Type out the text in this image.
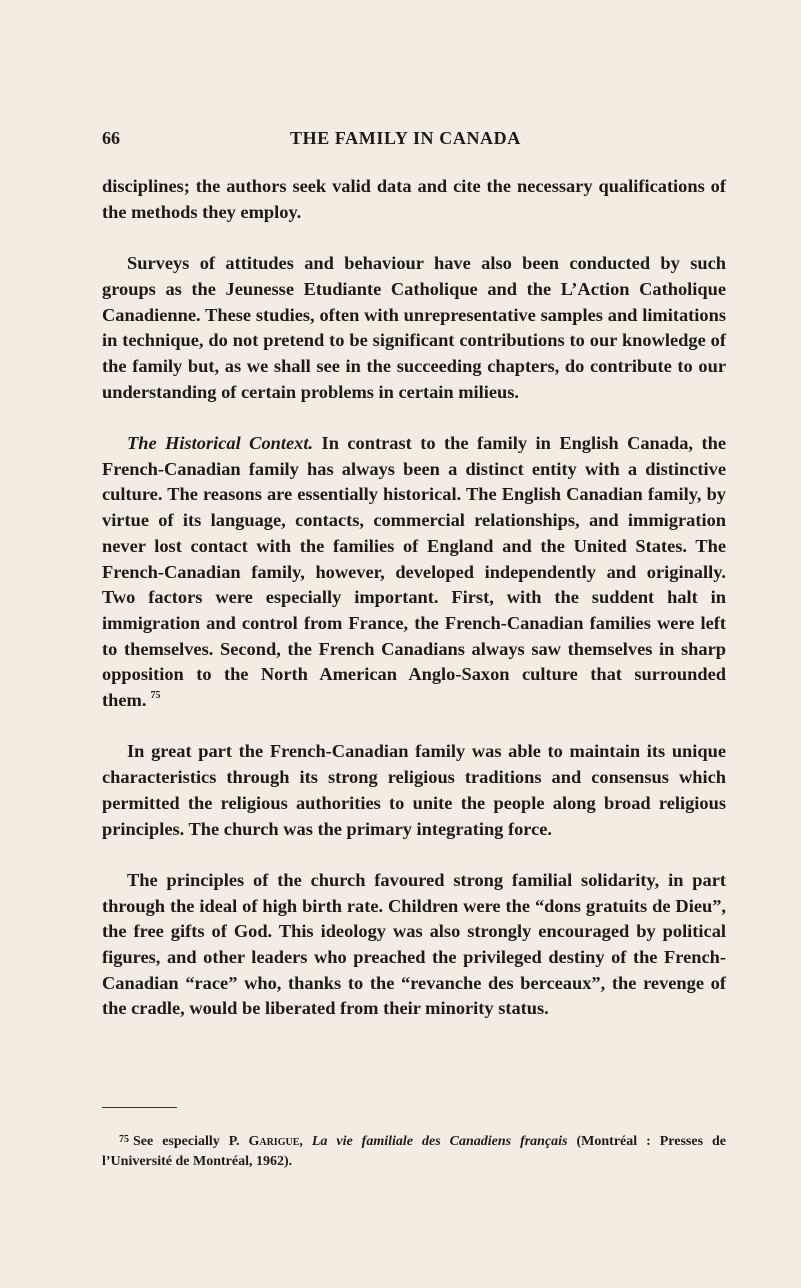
66	THE FAMILY IN CANADA

disciplines; the authors seek valid data and cite the necessary qualifications of the methods they employ.

Surveys of attitudes and behaviour have also been conducted by such groups as the Jeunesse Etudiante Catholique and the L’Action Catholique Canadienne. These studies, often with unrepresentative samples and limitations in technique, do not pretend to be significant contributions to our knowledge of the family but, as we shall see in the succeeding chapters, do contribute to our understanding of certain problems in certain milieus.

The Historical Context. In contrast to the family in English Canada, the French-Canadian family has always been a distinct entity with a distinctive culture. The reasons are essentially historical. The English Canadian family, by virtue of its language, contacts, commercial relationships, and immigration never lost contact with the families of England and the United States. The French-Canadian family, however, developed independently and originally. Two factors were especially important. First, with the suddent halt in immigration and control from France, the French-Canadian families were left to themselves. Second, the French Canadians always saw themselves in sharp opposition to the North American Anglo-Saxon culture that surrounded them. $^{75}$

In great part the French-Canadian family was able to maintain its unique characteristics through its strong religious traditions and consensus which permitted the religious authorities to unite the people along broad religious principles. The church was the primary integrating force.

The principles of the church favoured strong familial solidarity, in part through the ideal of high birth rate. Children were the “dons gratuits de Dieu”, the free gifts of God. This ideology was also strongly encouraged by political figures, and other leaders who preached the privileged destiny of the French-Canadian “race” who, thanks to the “revanche des berceaux”, the revenge of the cradle, would be liberated from their minority status.

$^{75}$ See especially P. Garigue, La vie familiale des Canadiens français (Montréal : Presses de l’Université de Montréal, 1962).
